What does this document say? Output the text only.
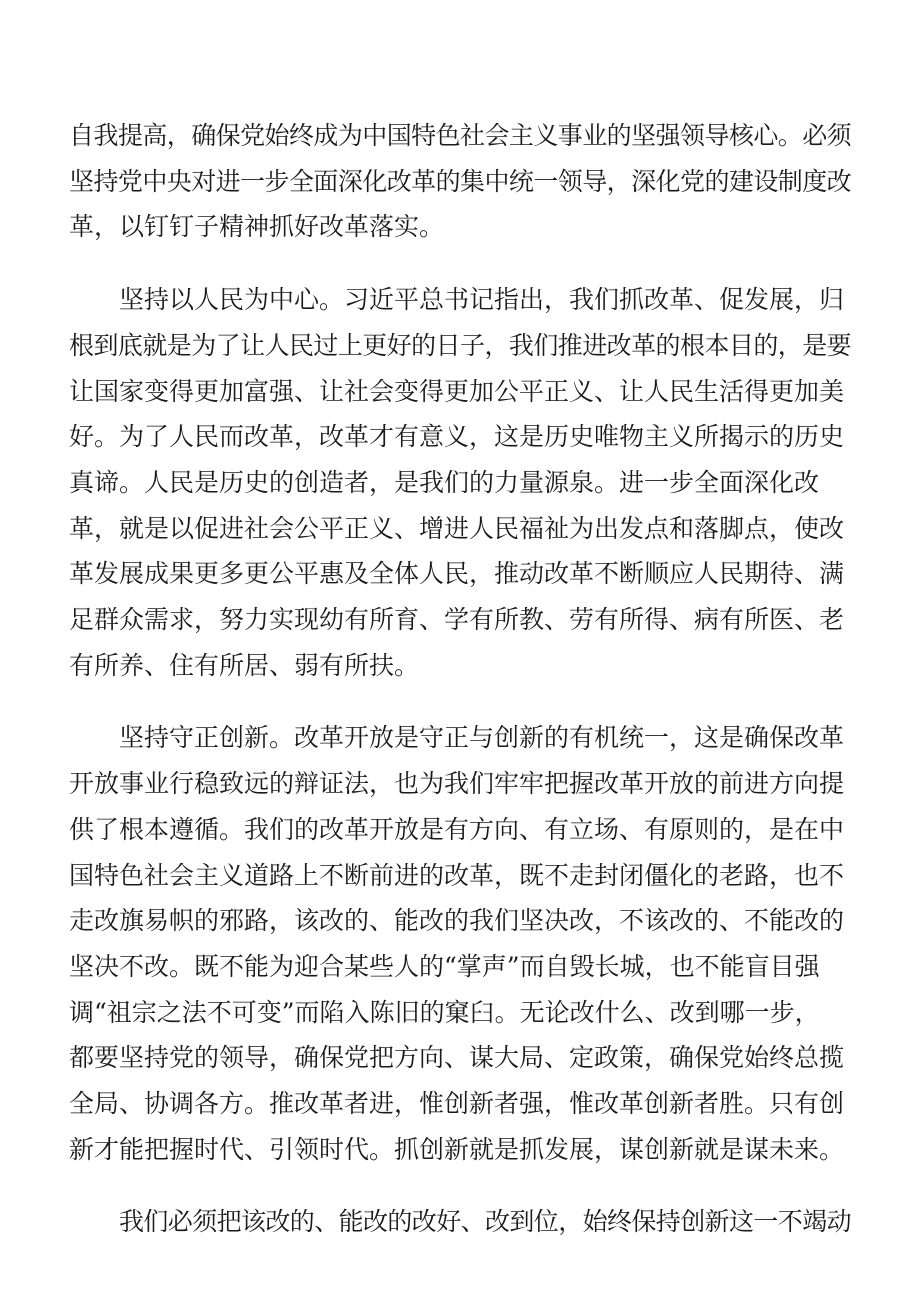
自我提高，确保党始终成为中国特色社会主义事业的坚强领导核心。必须
坚持党中央对进一步全面深化改革的集中统一领导，深化党的建设制度改
革，以钉钉子精神抓好改革落实。

坚持以人民为中心。习近平总书记指出，我们抓改革、促发展，归
根到底就是为了让人民过上更好的日子，我们推进改革的根本目的，是要
让国家变得更加富强、让社会变得更加公平正义、让人民生活得更加美
好。为了人民而改革，改革才有意义，这是历史唯物主义所揭示的历史
真谛。人民是历史的创造者，是我们的力量源泉。进一步全面深化改
革，就是以促进社会公平正义、增进人民福祉为出发点和落脚点，使改
革发展成果更多更公平惠及全体人民，推动改革不断顺应人民期待、满
足群众需求，努力实现幼有所育、学有所教、劳有所得、病有所医、老
有所养、住有所居、弱有所扶。

坚持守正创新。改革开放是守正与创新的有机统一，这是确保改革
开放事业行稳致远的辩证法，也为我们牢牢把握改革开放的前进方向提
供了根本遵循。我们的改革开放是有方向、有立场、有原则的，是在中
国特色社会主义道路上不断前进的改革，既不走封闭僵化的老路，也不
走改旗易帜的邪路，该改的、能改的我们坚决改，不该改的、不能改的
坚决不改。既不能为迎合某些人的“掌声”而自毁长城，也不能盲目强
调“祖宗之法不可变”而陷入陈旧的窠臼。无论改什么、改到哪一步，
都要坚持党的领导，确保党把方向、谋大局、定政策，确保党始终总揽
全局、协调各方。推改革者进，惟创新者强，惟改革创新者胜。只有创
新才能把握时代、引领时代。抓创新就是抓发展，谋创新就是谋未来。

我们必须把该改的、能改的改好、改到位，始终保持创新这一不竭动
